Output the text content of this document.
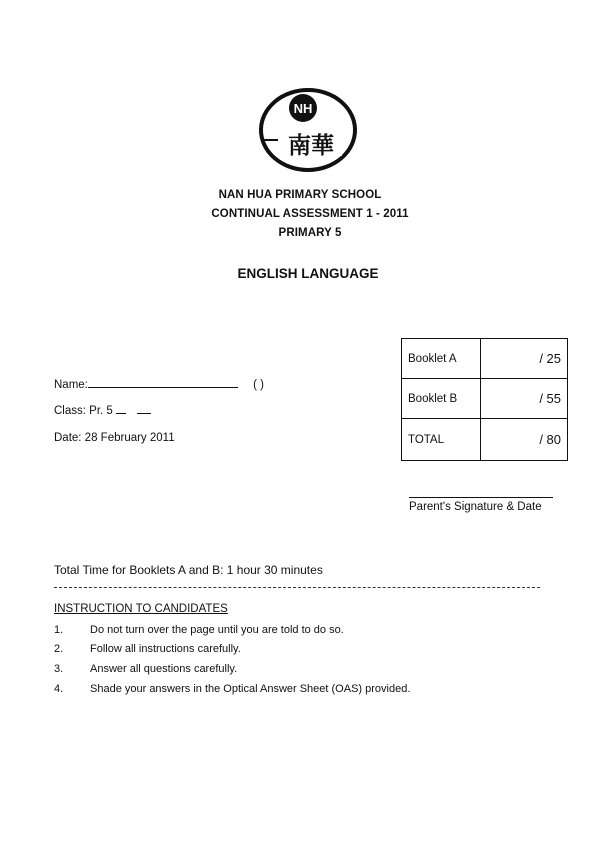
NH
南華
NAN HUA PRIMARY SCHOOL
CONTINUAL ASSESSMENT 1 - 2011
PRIMARY 5
ENGLISH LANGUAGE
Name:	( )
Class: Pr. 5
Date: 28 February 2011
Booklet A	/ 25
Booklet B	/ 55
TOTAL	/ 80
Parent's Signature & Date
Total Time for Booklets A and B: 1 hour 30 minutes
INSTRUCTION TO CANDIDATES
1. Do not turn over the page until you are told to do so.
2. Follow all instructions carefully.
3. Answer all questions carefully.
4. Shade your answers in the Optical Answer Sheet (OAS) provided.
